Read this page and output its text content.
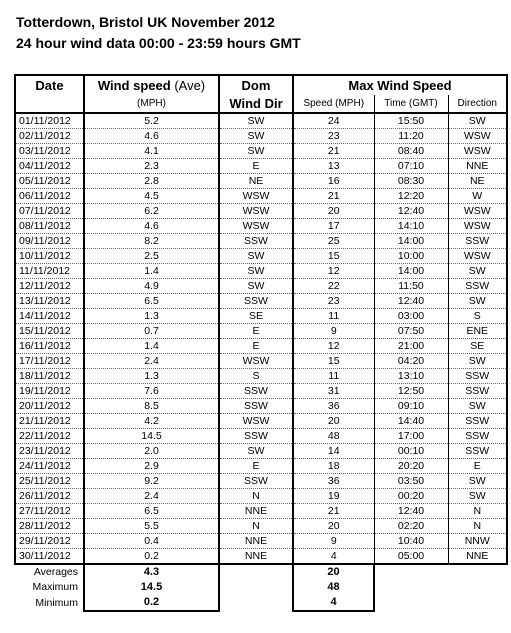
Totterdown, Bristol UK November 2012
24 hour wind data 00:00 - 23:59 hours GMT
Date	Wind speed (Ave)	Dom	Max Wind Speed		
	(MPH)	Wind Dir	Speed (MPH)	Time (GMT)	Direction
01/11/2012	5.2	SW	24	15:50	SW
02/11/2012	4.6	SW	23	11:20	WSW
03/11/2012	4.1	SW	21	08:40	WSW
04/11/2012	2.3	E	13	07:10	NNE
05/11/2012	2.8	NE	16	08:30	NE
06/11/2012	4.5	WSW	21	12:20	W
07/11/2012	6.2	WSW	20	12:40	WSW
08/11/2012	4.6	WSW	17	14:10	WSW
09/11/2012	8.2	SSW	25	14:00	SSW
10/11/2012	2.5	SW	15	10:00	WSW
11/11/2012	1.4	SW	12	14:00	SW
12/11/2012	4.9	SW	22	11:50	SSW
13/11/2012	6.5	SSW	23	12:40	SW
14/11/2012	1.3	SE	11	03:00	S
15/11/2012	0.7	E	9	07:50	ENE
16/11/2012	1.4	E	12	21:00	SE
17/11/2012	2.4	WSW	15	04:20	SW
18/11/2012	1.3	S	11	13:10	SSW
19/11/2012	7.6	SSW	31	12:50	SSW
20/11/2012	8.5	SSW	36	09:10	SW
21/11/2012	4.2	WSW	20	14:40	SSW
22/11/2012	14.5	SSW	48	17:00	SSW
23/11/2012	2.0	SW	14	00:10	SSW
24/11/2012	2.9	E	18	20:20	E
25/11/2012	9.2	SSW	36	03:50	SW
26/11/2012	2.4	N	19	00:20	SW
27/11/2012	6.5	NNE	21	12:40	N
28/11/2012	5.5	N	20	02:20	N
29/11/2012	0.4	NNE	9	10:40	NNW
30/11/2012	0.2	NNE	4	05:00	NNE
Averages	4.3		20		
Maximum	14.5		48		
Minimum	0.2		4		
